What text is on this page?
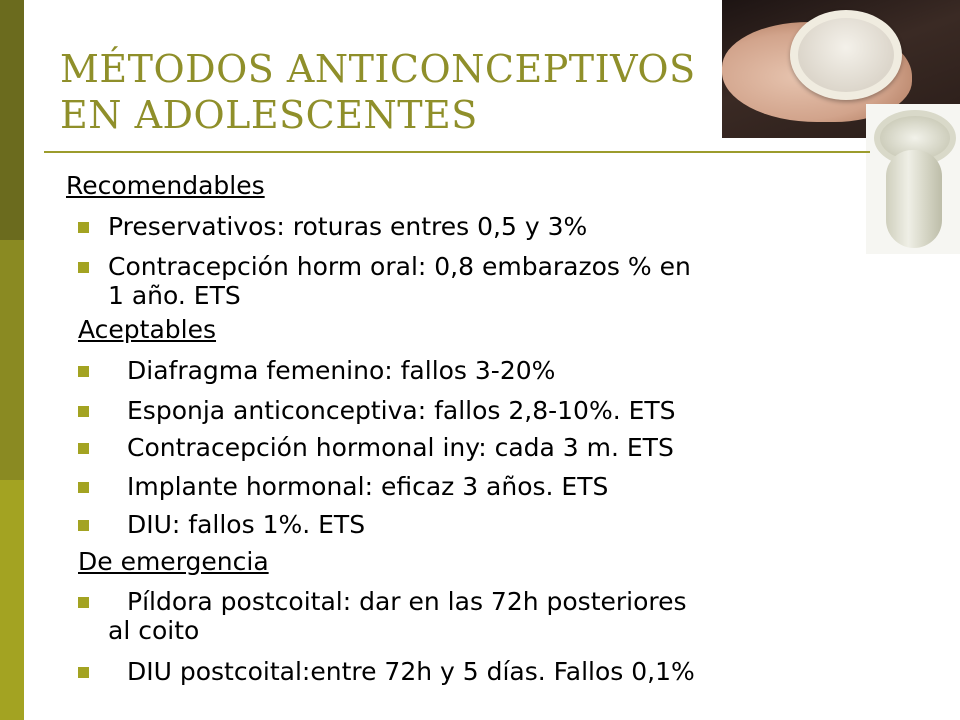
MÉTODOS ANTICONCEPTIVOS
EN ADOLESCENTES
Recomendables
Preservativos: roturas entres 0,5 y 3%
Contracepción horm oral: 0,8 embarazos % en
1 año. ETS
Aceptables
Diafragma femenino: fallos 3-20%
Esponja anticonceptiva: fallos 2,8-10%. ETS
Contracepción hormonal iny: cada 3 m. ETS
Implante hormonal: eficaz 3 años. ETS
DIU: fallos 1%. ETS
De emergencia
Píldora postcoital: dar en las 72h posteriores
al coito
DIU postcoital:entre 72h y 5 días. Fallos 0,1%
